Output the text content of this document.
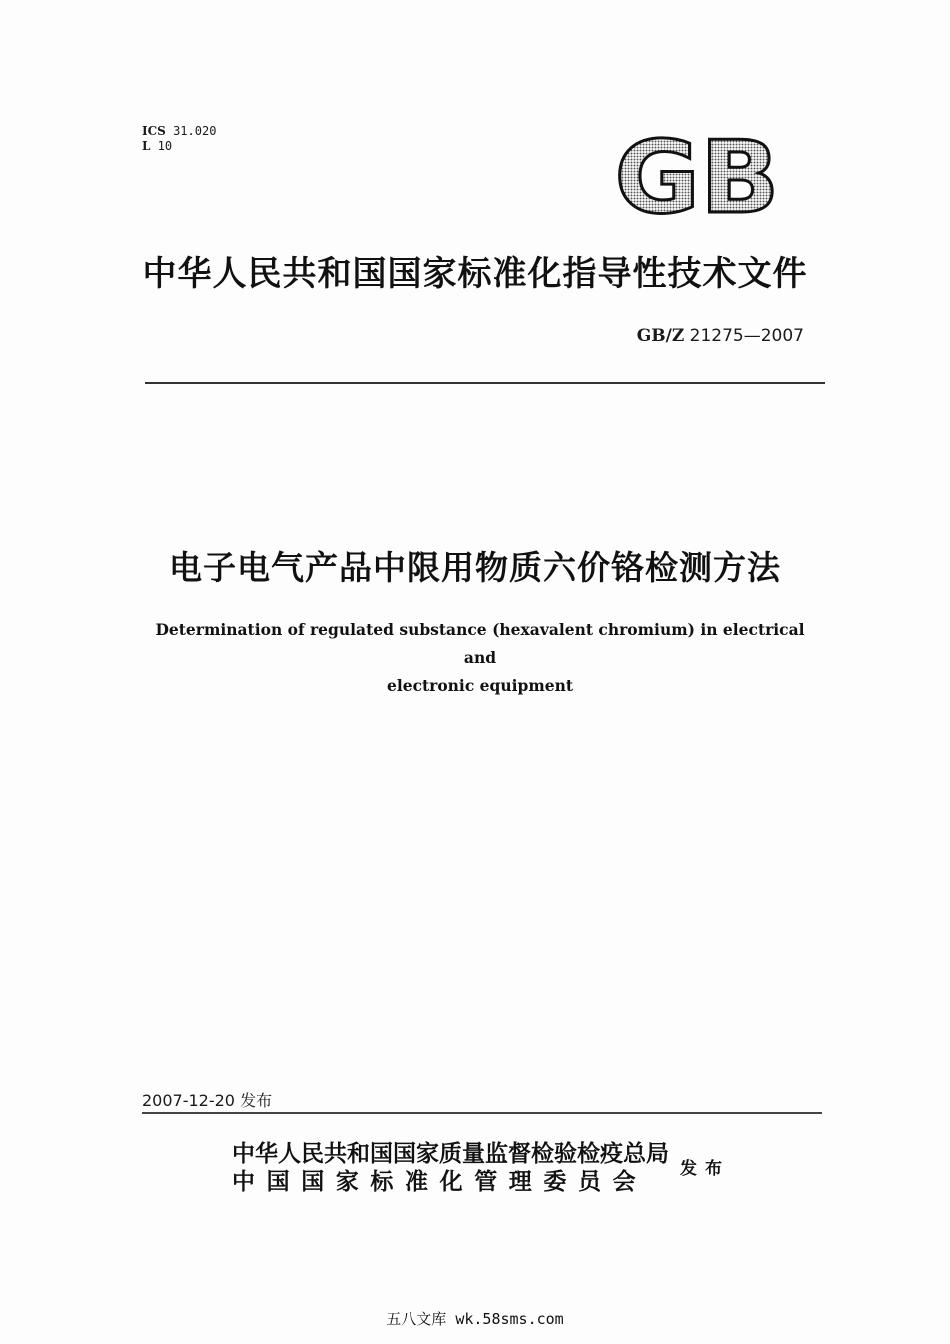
ICS 31.020
L 10	GB
中华人民共和国国家标准化指导性技术文件
GB/Z 21275—2007
电子电气产品中限用物质六价铬检测方法
Determination of regulated substance (hexavalent chromium) in electrical and
electronic equipment
2007-12-20 发布
中华人民共和国国家质量监督检验检疫总局
中国国家标准化管理委员会	发布
五八文库 wk.58sms.com
